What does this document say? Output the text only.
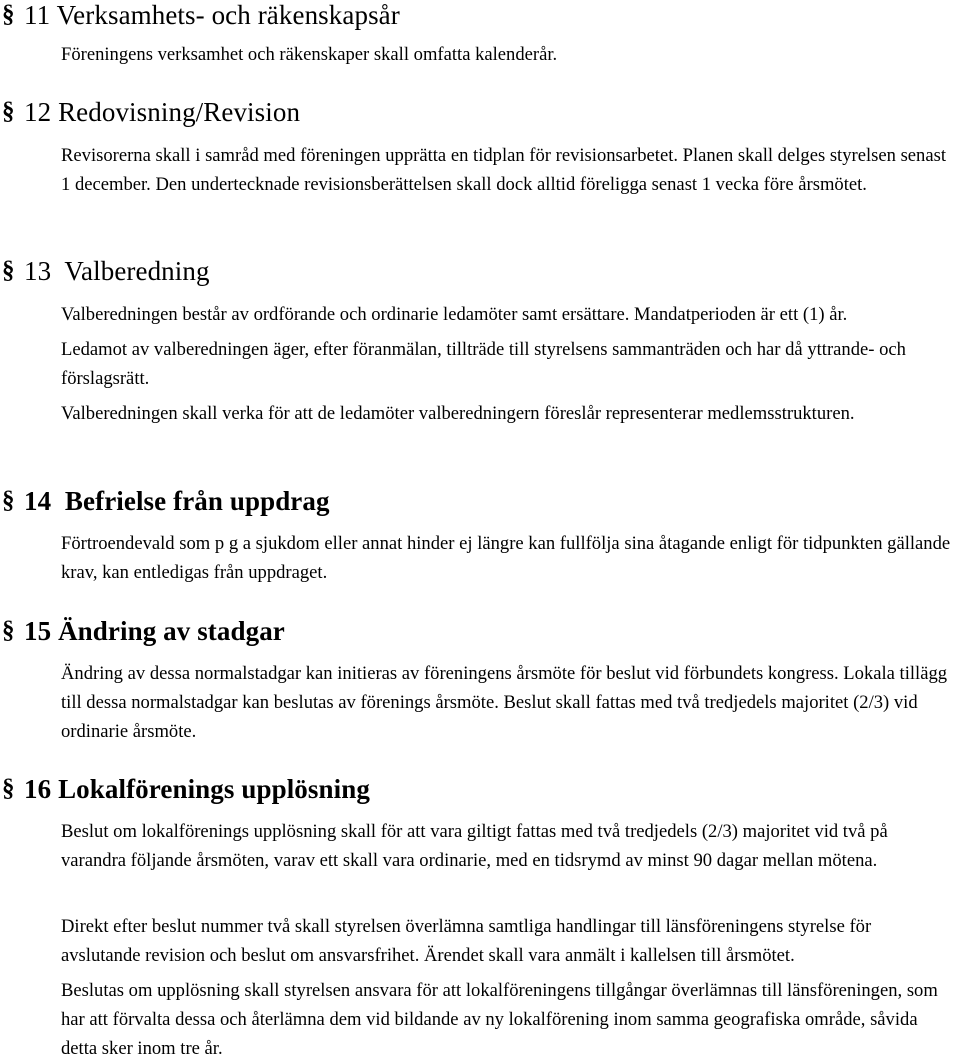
§ 11 Verksamhets- och räkenskapsår

Föreningens verksamhet och räkenskaper skall omfatta kalenderår.

§ 12 Redovisning/Revision

Revisorerna skall i samråd med föreningen upprätta en tidplan för revisionsarbetet. Planen skall delges styrelsen senast 1 december. Den undertecknade revisionsberättelsen skall dock alltid föreligga senast 1 vecka före årsmötet.

§ 13 Valberedning

Valberedningen består av ordförande och ordinarie ledamöter samt ersättare. Mandatperioden är ett (1) år.

Ledamot av valberedningen äger, efter föranmälan, tillträde till styrelsens sammanträden och har då yttrande- och förslagsrätt.

Valberedningen skall verka för att de ledamöter valberedningern föreslår representerar medlemsstrukturen.

§ 14 Befrielse från uppdrag

Förtroendevald som p g a sjukdom eller annat hinder ej längre kan fullfölja sina åtagande enligt för tidpunkten gällande krav, kan entledigas från uppdraget.

§ 15 Ändring av stadgar

Ändring av dessa normalstadgar kan initieras av föreningens årsmöte för beslut vid förbundets kongress. Lokala tillägg till dessa normalstadgar kan beslutas av förenings årsmöte. Beslut skall fattas med två tredjedels majoritet (2/3) vid ordinarie årsmöte.

§ 16 Lokalförenings upplösning

Beslut om lokalförenings upplösning skall för att vara giltigt fattas med två tredjedels (2/3) majoritet vid två på varandra följande årsmöten, varav ett skall vara ordinarie, med en tidsrymd av minst 90 dagar mellan mötena.

Direkt efter beslut nummer två skall styrelsen överlämna samtliga handlingar till länsföreningens styrelse för avslutande revision och beslut om ansvarsfrihet. Ärendet skall vara anmält i kallelsen till årsmötet.

Beslutas om upplösning skall styrelsen ansvara för att lokalföreningens tillgångar överlämnas till länsföreningen, som har att förvalta dessa och återlämna dem vid bildande av ny lokalförening inom samma geografiska område, såvida detta sker inom tre år.
